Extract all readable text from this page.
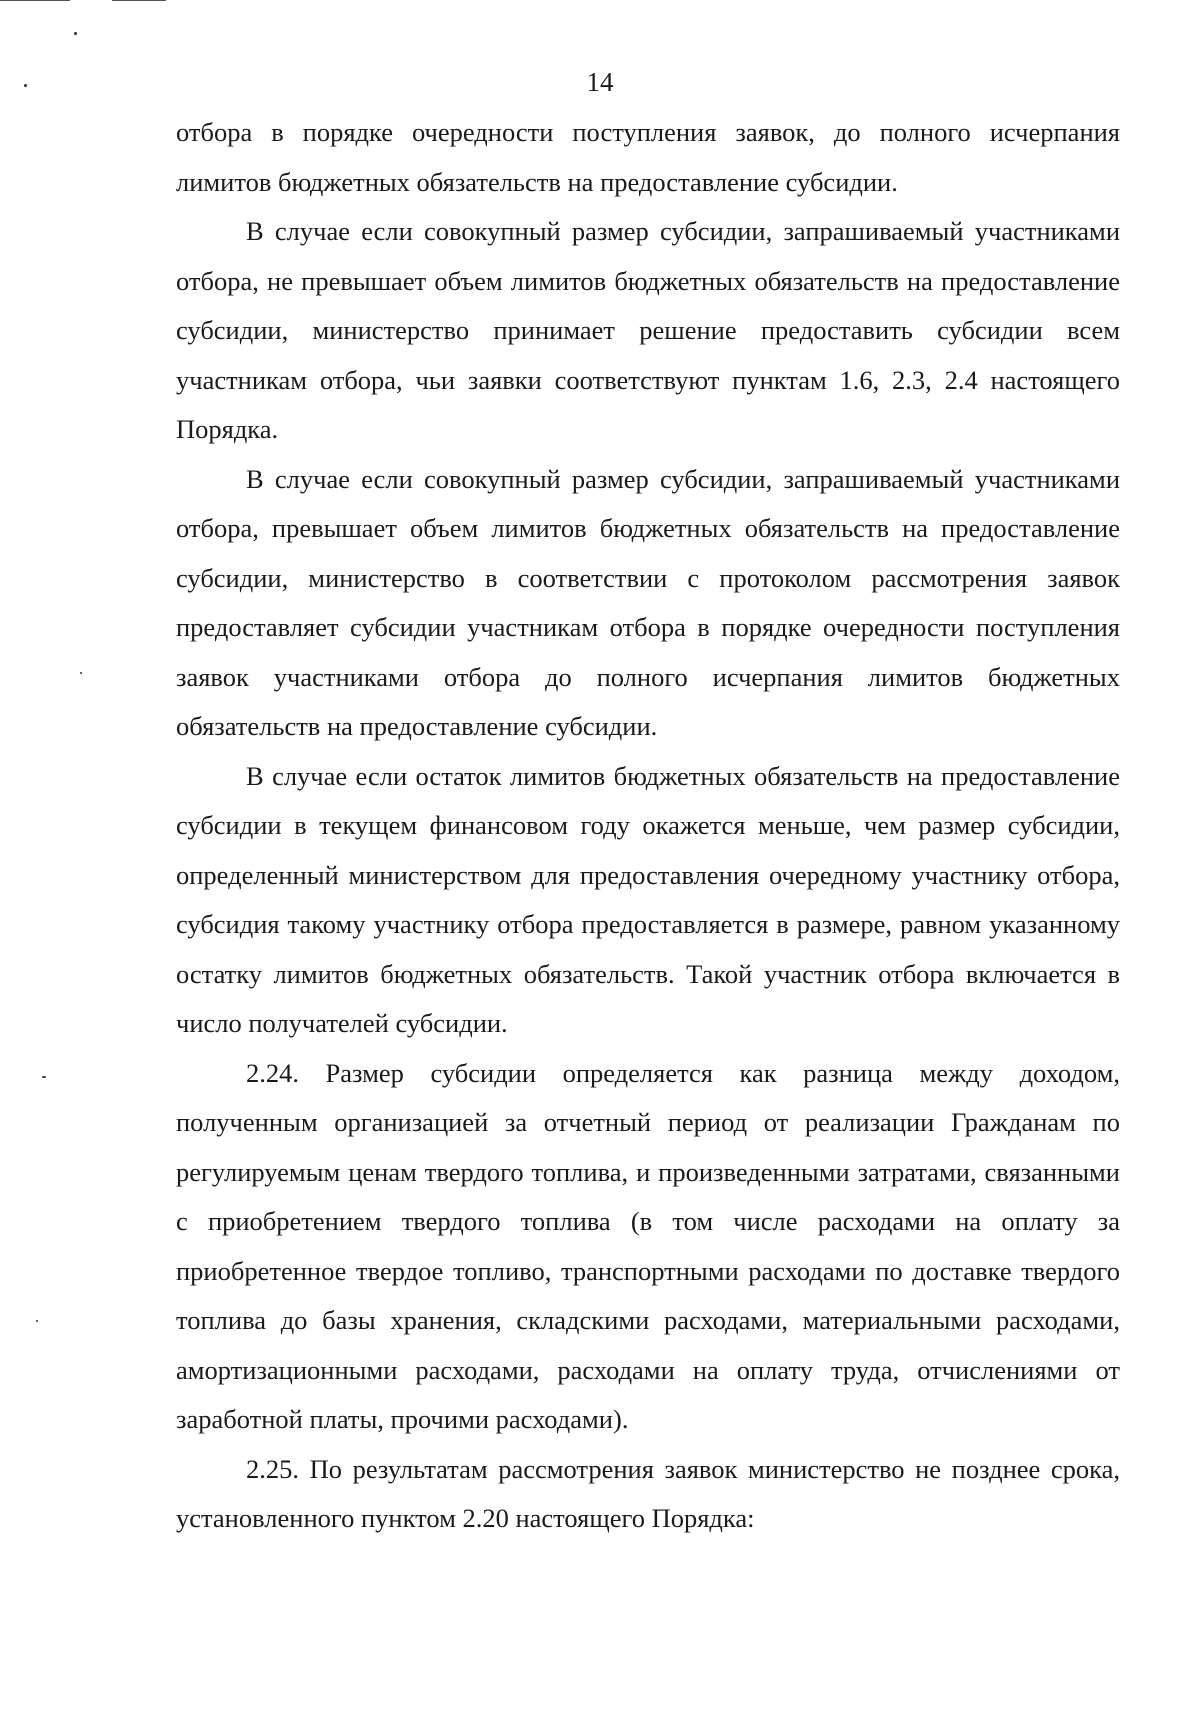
14

отбора в порядке очередности поступления заявок, до полного исчерпания лимитов бюджетных обязательств на предоставление субсидии.

В случае если совокупный размер субсидии, запрашиваемый участниками отбора, не превышает объем лимитов бюджетных обязательств на предоставление субсидии, министерство принимает решение предоставить субсидии всем участникам отбора, чьи заявки соответствуют пунктам 1.6, 2.3, 2.4 настоящего Порядка.

В случае если совокупный размер субсидии, запрашиваемый участниками отбора, превышает объем лимитов бюджетных обязательств на предоставление субсидии, министерство в соответствии с протоколом рассмотрения заявок предоставляет субсидии участникам отбора в порядке очередности поступления заявок участниками отбора до полного исчерпания лимитов бюджетных обязательств на предоставление субсидии.

В случае если остаток лимитов бюджетных обязательств на предоставление субсидии в текущем финансовом году окажется меньше, чем размер субсидии, определенный министерством для предоставления очередному участнику отбора, субсидия такому участнику отбора предоставляется в размере, равном указанному остатку лимитов бюджетных обязательств. Такой участник отбора включается в число получателей субсидии.

2.24. Размер субсидии определяется как разница между доходом, полученным организацией за отчетный период от реализации Гражданам по регулируемым ценам твердого топлива, и произведенными затратами, связанными с приобретением твердого топлива (в том числе расходами на оплату за приобретенное твердое топливо, транспортными расходами по доставке твердого топлива до базы хранения, складскими расходами, материальными расходами, амортизационными расходами, расходами на оплату труда, отчислениями от заработной платы, прочими расходами).

2.25. По результатам рассмотрения заявок министерство не позднее срока, установленного пунктом 2.20 настоящего Порядка:
